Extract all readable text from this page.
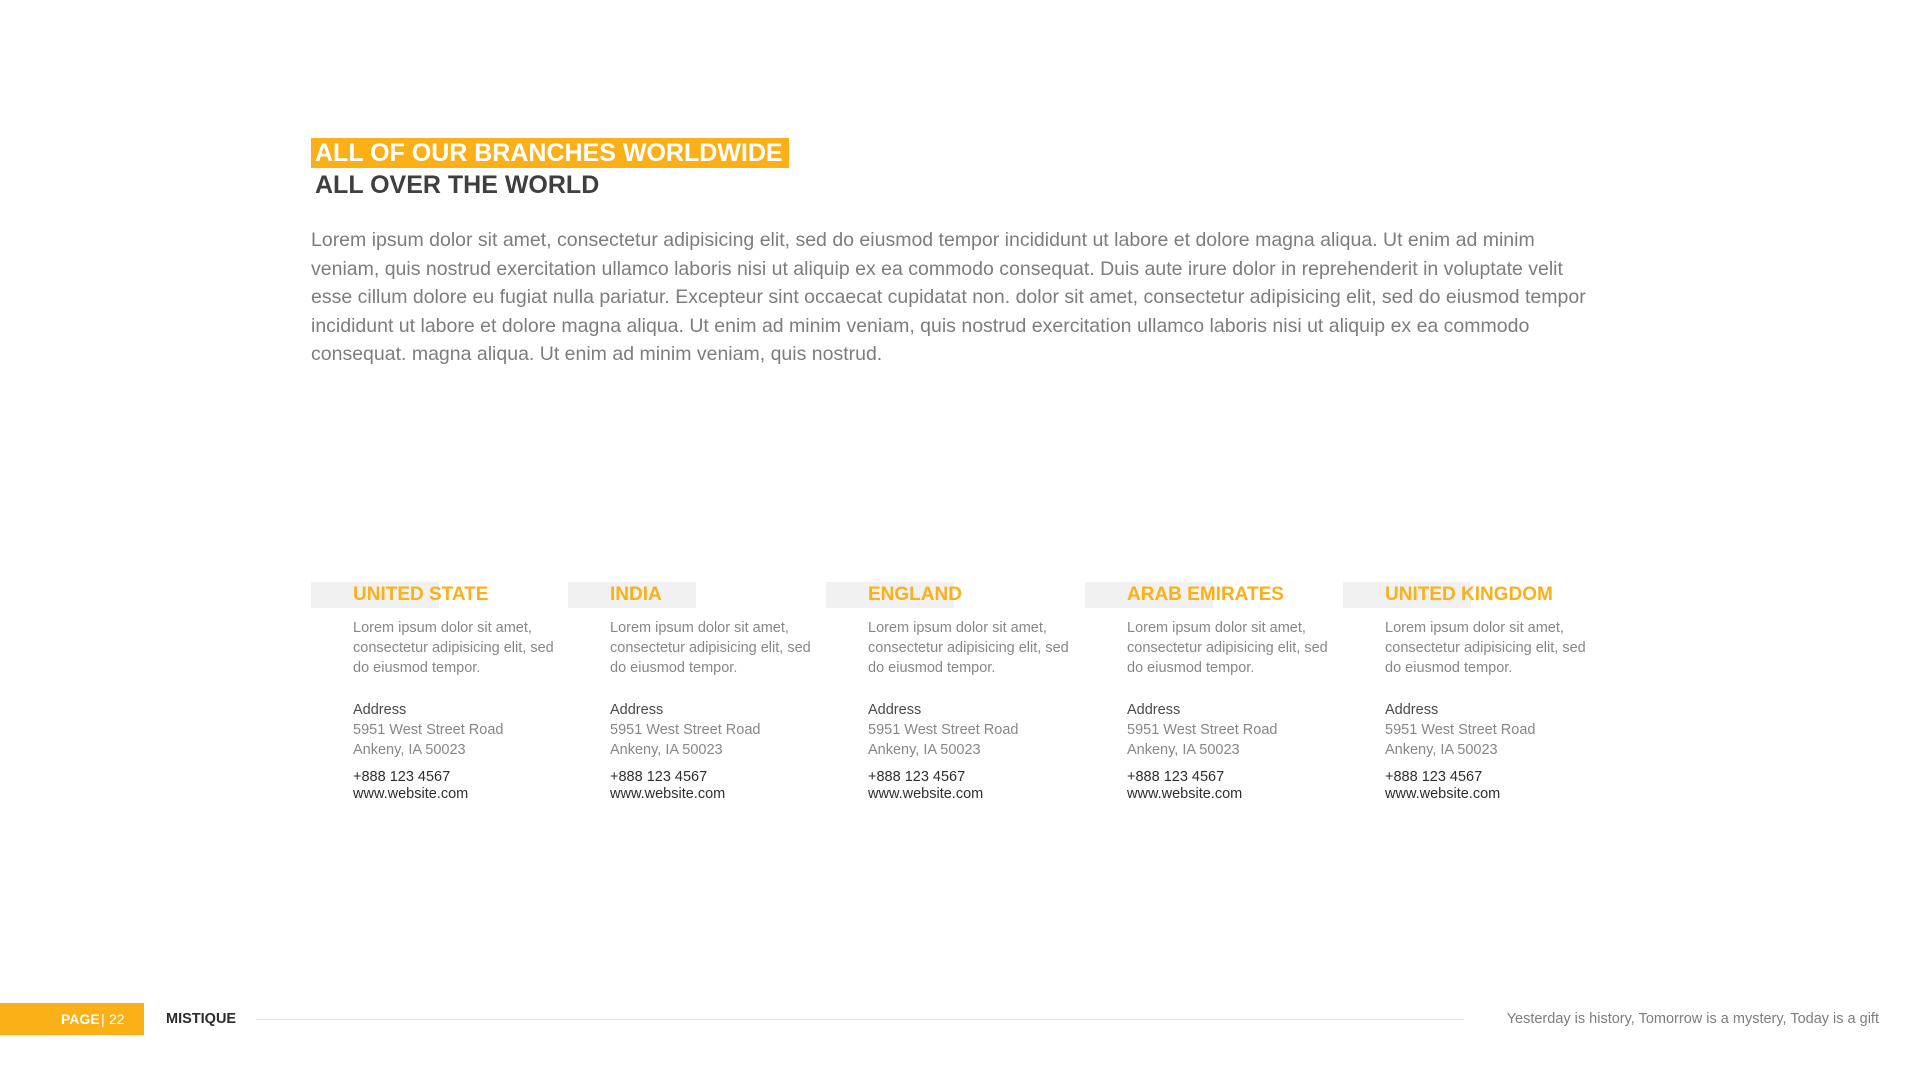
ALL OF OUR BRANCHES WORLDWIDE
ALL OVER THE WORLD

Lorem ipsum dolor sit amet, consectetur adipisicing elit, sed do eiusmod tempor incididunt ut labore et dolore magna aliqua. Ut enim ad minim veniam, quis nostrud exercitation ullamco laboris nisi ut aliquip ex ea commodo consequat. Duis aute irure dolor in reprehenderit in voluptate velit esse cillum dolore eu fugiat nulla pariatur. Excepteur sint occaecat cupidatat non. dolor sit amet, consectetur adipisicing elit, sed do eiusmod tempor incididunt ut labore et dolore magna aliqua. Ut enim ad minim veniam, quis nostrud exercitation ullamco laboris nisi ut aliquip ex ea commodo consequat. magna aliqua. Ut enim ad minim veniam, quis nostrud.

UNITED STATE

Lorem ipsum dolor sit amet, consectetur adipisicing elit, sed do eiusmod tempor.

Address
5951 West Street Road
Ankeny, IA 50023
+888 123 4567
www.website.com
INDIA

Lorem ipsum dolor sit amet, consectetur adipisicing elit, sed do eiusmod tempor.

Address
5951 West Street Road
Ankeny, IA 50023
+888 123 4567
www.website.com
ENGLAND

Lorem ipsum dolor sit amet, consectetur adipisicing elit, sed do eiusmod tempor.

Address
5951 West Street Road
Ankeny, IA 50023
+888 123 4567
www.website.com
ARAB EMIRATES

Lorem ipsum dolor sit amet, consectetur adipisicing elit, sed do eiusmod tempor.

Address
5951 West Street Road
Ankeny, IA 50023
+888 123 4567
www.website.com
UNITED KINGDOM

Lorem ipsum dolor sit amet, consectetur adipisicing elit, sed do eiusmod tempor.

Address
5951 West Street Road
Ankeny, IA 50023
+888 123 4567
www.website.com
PAGE | 22	MISTIQUE	Yesterday is history, Tomorrow is a mystery, Today is a gift
